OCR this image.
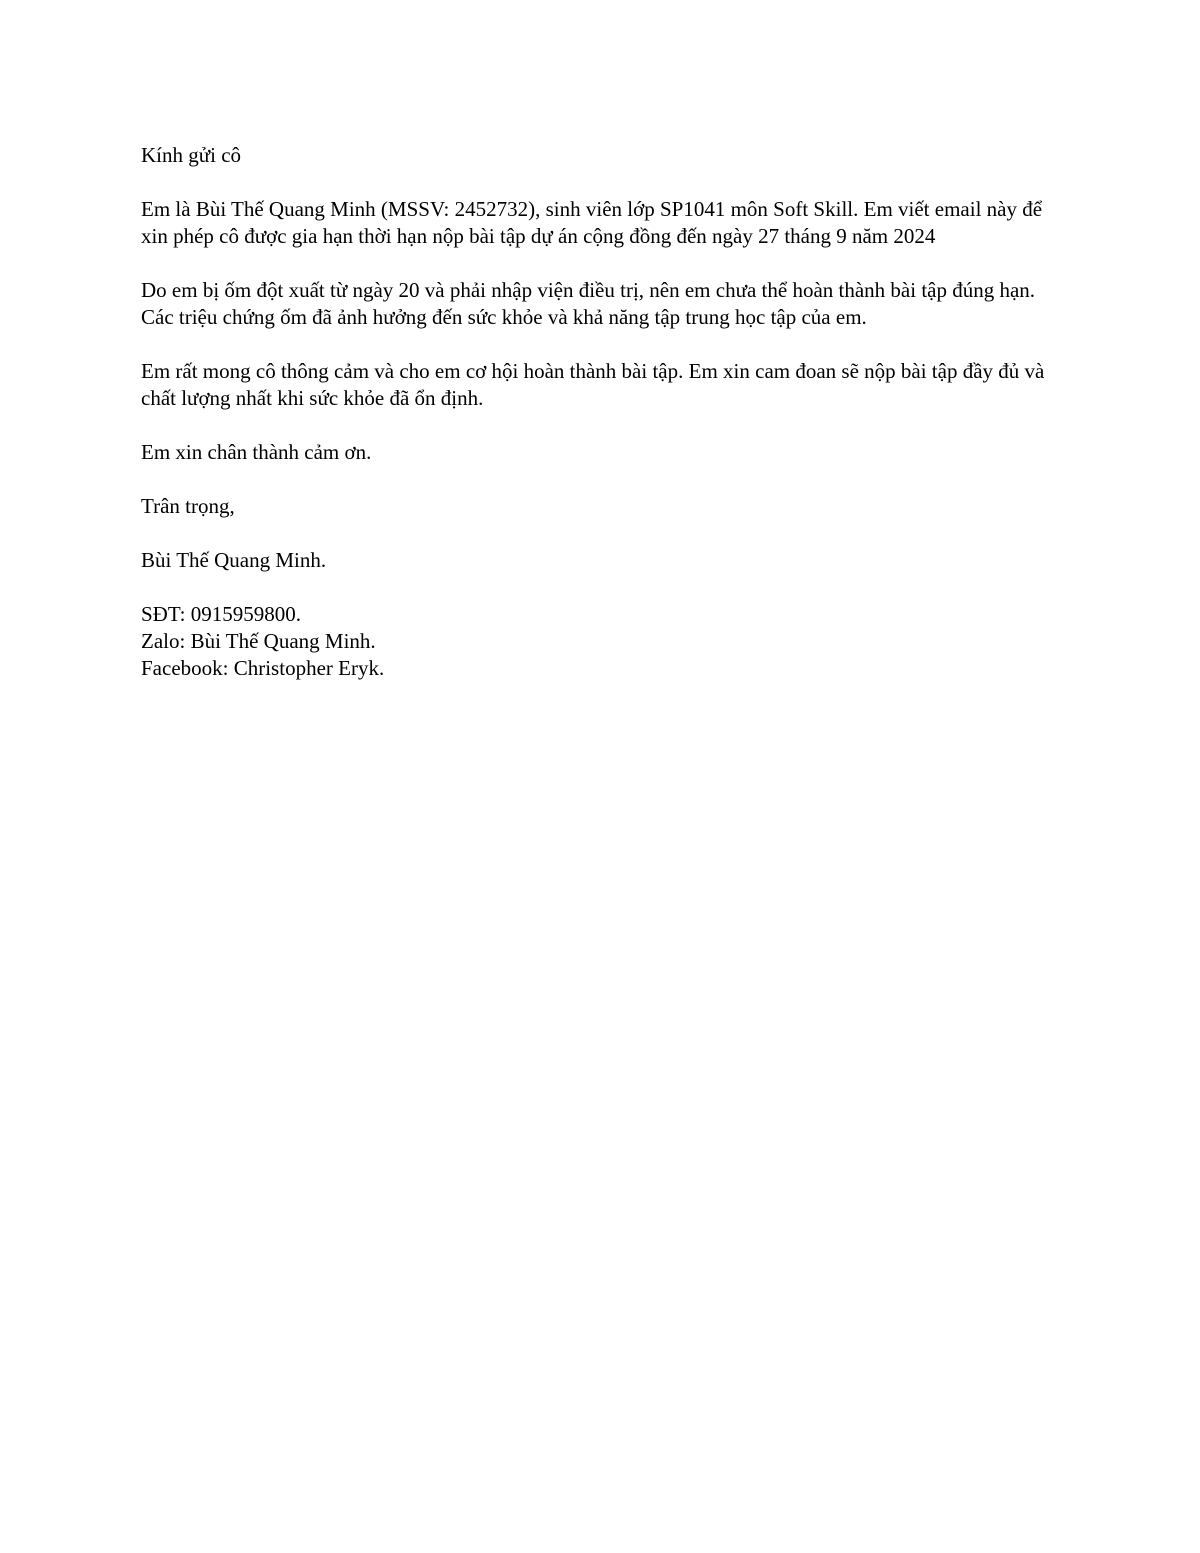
Kính gửi cô

Em là Bùi Thế Quang Minh (MSSV: 2452732), sinh viên lớp SP1041 môn Soft Skill. Em viết email này để xin phép cô được gia hạn thời hạn nộp bài tập dự án cộng đồng đến ngày 27 tháng 9 năm 2024

Do em bị ốm đột xuất từ ngày 20 và phải nhập viện điều trị, nên em chưa thể hoàn thành bài tập đúng hạn. Các triệu chứng ốm đã ảnh hưởng đến sức khỏe và khả năng tập trung học tập của em.

Em rất mong cô thông cảm và cho em cơ hội hoàn thành bài tập. Em xin cam đoan sẽ nộp bài tập đầy đủ và chất lượng nhất khi sức khỏe đã ổn định.

Em xin chân thành cảm ơn.

Trân trọng,

Bùi Thế Quang Minh.

SĐT: 0915959800.
Zalo: Bùi Thế Quang Minh.
Facebook: Christopher Eryk.
